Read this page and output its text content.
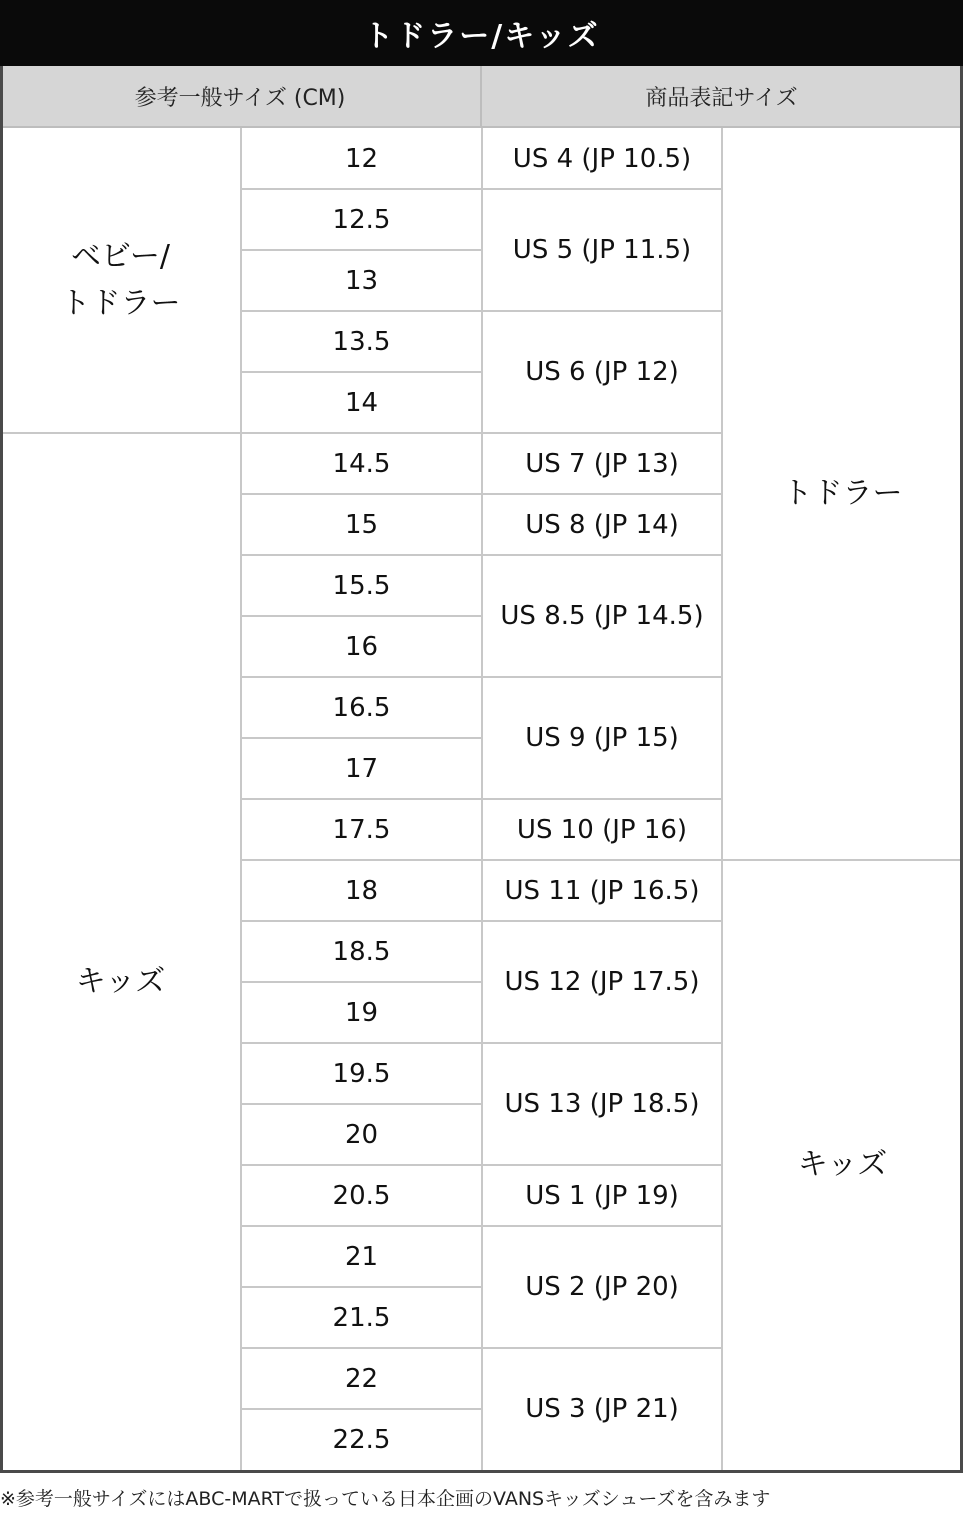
トドラー/キッズ
参考一般サイズ (CM)	商品表記サイズ
ベビー/
トドラー
キッズ
12
12.5
13
13.5
14
14.5
15
15.5
16
16.5
17
17.5
18
18.5
19
19.5
20
20.5
21
21.5
22
22.5
US 4 (JP 10.5)
US 5 (JP 11.5)
US 6 (JP 12)
US 7 (JP 13)
US 8 (JP 14)
US 8.5 (JP 14.5)
US 9 (JP 15)
US 10 (JP 16)
US 11 (JP 16.5)
US 12 (JP 17.5)
US 13 (JP 18.5)
US 1 (JP 19)
US 2 (JP 20)
US 3 (JP 21)
トドラー
キッズ
※参考一般サイズにはABC-MARTで扱っている日本企画のVANSキッズシューズを含みます
